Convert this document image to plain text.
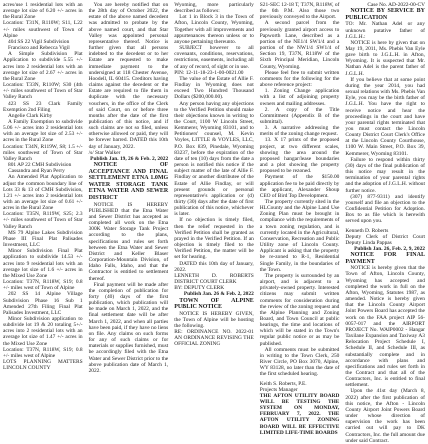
acres/use 1 residential lots with an average lot size of 6.20 +/- acres in the Rural Zone

Location: T31N, R110W; S11, L22 +/- miles southwest of Town of Alpine

404 SS 22 Vigil Subdivision

Francisco and Rebecca Vigil

A Simple Subdivision Plat Application to subdivide 5.55 +/- acres into 2 residential lots with an average lot size of 2.67 +/- acres in the Rural Zone

Location: T33N, R110W; S30 (4th +/- miles southwest of Town of Star Valley Ranch

423 SS 23 Clark Family Exemption 2nd Filing

Angelie Clark Kirby

A Family Exemption to subdivide 5.06 +/- acres into 2 residential lots with an average lot size of 2.53 +/- acres in the Rural Zone

Location: T34N, R119W, S8; 1.5 +/- miles southwest of Town of Star Valley Ranch

801 AP 22 CMH Subdivision

Cassandra and Ryan Perry

An Amended Plat Application to adjust the common boundary line of Lots 33 & 13 of CMH Subdivision, 1.21 +/- acres into 2 residential lots with an average lot size of 0.61 +/- acres in the Rural Zone

Location: T35N, R119W, S25; 2.3 +/- miles southwest of Town of Star Valley Ranch

MS 79 Alpine Lakes Subdivision Phase III Final Plat Palisades Investment, LLC

Minor Subdivision Final Plat application to subdivide 14.53 +/- acres into 9 residential lots with an average lot size of 1.6 +/- acres in the Mixed Use Zone

Location: T37N, R118W, S19; 0.8 +/- miles west of Town of Alpine

202 SS 14 Alpine Village Subdivision Phase 16 Sub 1 Amended 27th Filing Final Plat Palisades Investment, LLC

Minor Subdivision application to subdivide lot 19 & 20 totaling 5+/- acres into 2 residential lots with an average lot size of 1.47 +/- acres in the Mixed Use Zone

Location: T37N, R118W, S19; 0.8 +/- miles west of Alpine

LOTS PLANNING MATTERS LINCOLN COUNTY

You are hereby notified that on the 28th day of October 2022, the estate of the above named decedent was admitted to probate by the above named court, and that Star Valley was appointed personal representative thereof. Notice is further given that all persons indebted to the decedent or to her Estate are requested to make immediate payment to the undersigned at 118 Chester Avenue, Hoodell, IL 60415. Creditors having claims against the decedent or the Estate are required to file them in duplicate with the necessary vouchers, in the office of the Clerk of said Court, on or before three months after the date of the first publication of this notice, and if such claims are not so filed, unless otherwise allowed or paid, they will be forever barred. DATED this 10th day of January, 2022.

/s/ Star Walker

Publish Jan. 19, 26 & Feb. 2, 2022

NOTICE OF ACCEPTANCE AND FINAL SETTLEMENT ETNA 1.0MG WATER STORAGE TANK ETNA WATER AND SEWER DISTRICT

NOTICE IS HEREBY PUBLISHED that the Etna Water and Sewer District has accepted as completed all work on the Etna 300K Water Storage Tank Project according to the plans, specifications and rules set forth between the Etna Water and Sewer District and Keller Blaser Corporation-Mountain Division, of Idaho Falls, Idaho, and that the Contractor is entitled to settlement thereof.

Final payment will be made after the completion of publication for forty (40) days of the first publication, which publication will be made on March 1, 2022, and the final settlement date will be after March 1, 2022, and when all parties have been paid, if they have no liens on file. Any claims on such forms for any of such claims or for materials or supplies furnished, must be accordingly filed with the Etna Water and Sewer District prior to the above publication date of March 1, 2022.

Wyoming, more particularly described as follows:

Lot 1 in Block 3 in the Town of Afton, Lincoln County, Wyoming, Together with all improvements and appurtenances thereon unless or to anyone pertaining thereunto.

SUBJECT however to all covenants, conditions, reservations, restrictions, easements, including all of any of record, of sight or in use.

PIN: 12-11-18-23-1-00-0021.00

The value of the Estate of Allie F. Findlay in Wyoming does not exceed Two Hundred Thousand Dollars ($200,000.00).

Any person having any objections to the Verified Petition should make their objections known in writing to the Court, 1100 W Lincoln Street, Kemmerer, Wyoming 83101, and to Petitioners' counsel, M. Kevin Voyles, LITTLE & VOYLES, LLC, P.O. Box 839, Pinedale, Wyoming 83237, before the expiration of the date of ten (10) days from the date a person is notified this notice if the subject matter of the late of Allie F. Findlay or another distributee of the Estate of Allie Findlay, or will present grounds or personal representative's application or (d) thirty (30) days after the date of first publication of this notice, whichever is later.

If no objection is timely filed, then the relief requested in the Verified Petition shall be granted as prayed in the Verified Petition. If an objection is timely filed to the Verified Petition, the matter will be set for hearing.

DATED this 10th day of January, 2022.

LENNETH D. ROBERTS DISTRICT COURT CLERK

BY: DEPUTY CLERK

Publish Jan. 26 & Feb. 2, 2022

TOWN OF ALPINE PUBLIC NOTICE

NOTICE IS HEREBY GIVEN, the Town of Alpine will be hosting the following.

RE: ORDINANCE NO. 2022-01 AN ORDINANCE REVISING THE OFFICIAL ZONING

S21-SEC 12-18 T, T37N, R118W, of the 6th P.M. Also those two previously conveyed to the Airport.

A second parcel from the previously granted airport access to Papworth Lane, described as a portion of the NE1/4 SW1/4 and a portion of the NW1/4 SW1/4 of Section 19, T37N, R118W of the Sixth Principal Meridian, Lincoln County, Wyoming.

Please feel free to submit written comments for the following for the above reference project:

1. Zoning Change application with a list of adjoining property owners and mailing addresses.

2. A copy of the Title Commitment (Appendix B of the submittal).

3. A narrative addressing the merits of the zoning change request.

13. X 17 prints of the proposed project, at two different scales, showing the area around the proposed hangar/lease boundaries and a plot showing the property proposed to be rezoned.

Payment of the $150.00 application fee to be paid directly by the applicant, Alexander Shoup CEO of Bird Top Development.

The property currently sited in the HLCounty and the Alpine Land Use Zoning Plan must be brought in compliance with the requirements of a town zoning regulation, and is currently located in the Agricultural, Conservation, Recreation and Public Utility zone of Lincoln County. Applicant is asking that the property be re-zoned to R-1, Residential Single Family, in the boundaries of the Town.

The property is surrounded by an airport, and is adjacent to a privately-owned property. Interested citizens may submit written comments for consideration during the review of the zoning request and the Alpine Planning and Zoning Board, and Town Council at public hearings, the time and locations of which will be stated in the Town's regular public notice or as may be published.

All comments must be submitted in writing to the Town Clerk, 250 River Circle, PO Box 3070, Alpine, WY 83128, no later than the date of the first scheduled hearing.

Keith S. Roberts, P.E.

Projects Manager

THE AFTON UTILITY BOARD WILL BE TESTING THE SYSTEM ON MONDAY, FEBRUARY 7, 2022. THE AFTON UTILITY ZONING BOARD WILL BE EFFECTIVE LIMITED LIFE-TIME BOARDS

Case No. AD-2022-00-CV

NOTICE BY SERVICE BY PUBLICATION

TO: Mr. Nathan Adel or any unknown putative father of J.G.L.H.:

NOTICE is here by given that on May 19, 2011, Ms. Phebis Van Eyle gave birth to J.G.L.H. in Afton, Wyoming. It is suspected that Mr. Nathan Adel is the parent father of J.G.L.H.

If you believe that at some point during the year 2014, you had sexual relations with Ms. Phebis Van Eyle, you may be the birth father of J.G.L.H. You have the right to receive notice and hear the proceedings in the court and have your parental rights terminated that you must contact the Lincoln County District Court Clerk's Office at the Lincoln County Courthouse, 1100 W. Main Street, P.O. Box 39, Kemmerer, Wyoming 83101.

Failure to respond within thirty (30) days of the final publication of this notice may result in the termination of your parental rights and the adoption of J.G.L.H. without further notice.

(307) 877-9311) and identify yourself and file an objection to the Confidential Petition for Adoption. Box to as file which is herewith served upon you.

Kenneth D. Roberts

Deputy Clerk of District Court Deputy Linda Pappas

Publish Jan. 26, Feb. 2, 9, 2022

NOTICE FOR FINAL PAYMENT

NOTICE is hereby given that the Town of Afton, Lincoln County, Wyoming has accepted and completed the work in full on the Afton, Wyoming, Statutes 1987, as amended. Notice is hereby given that the Lincoln County Airport Joint Powers Board has accepted the work on the FAA project AIP 56-0057-017 and the AIRPORT PROJECT No. WAIP0002 - Hangar Taxilane Expansion and Taxiway A3 Relocation Project Schedule I, Schedule II, and Schedule III, as substantially complete and in accordance with plans and specifications and rules set forth in the Contract and that all of the Contractors, Inc. is entitled to final settlement.

Upon the 41st day (March 8, 2022) after the first publication of this notice, the Afton - Lincoln County Airport Joint Powers Board under whose direction of supervision the work has been carried out will pay to DK Contractors, Inc. the full amount due under said Contract.
